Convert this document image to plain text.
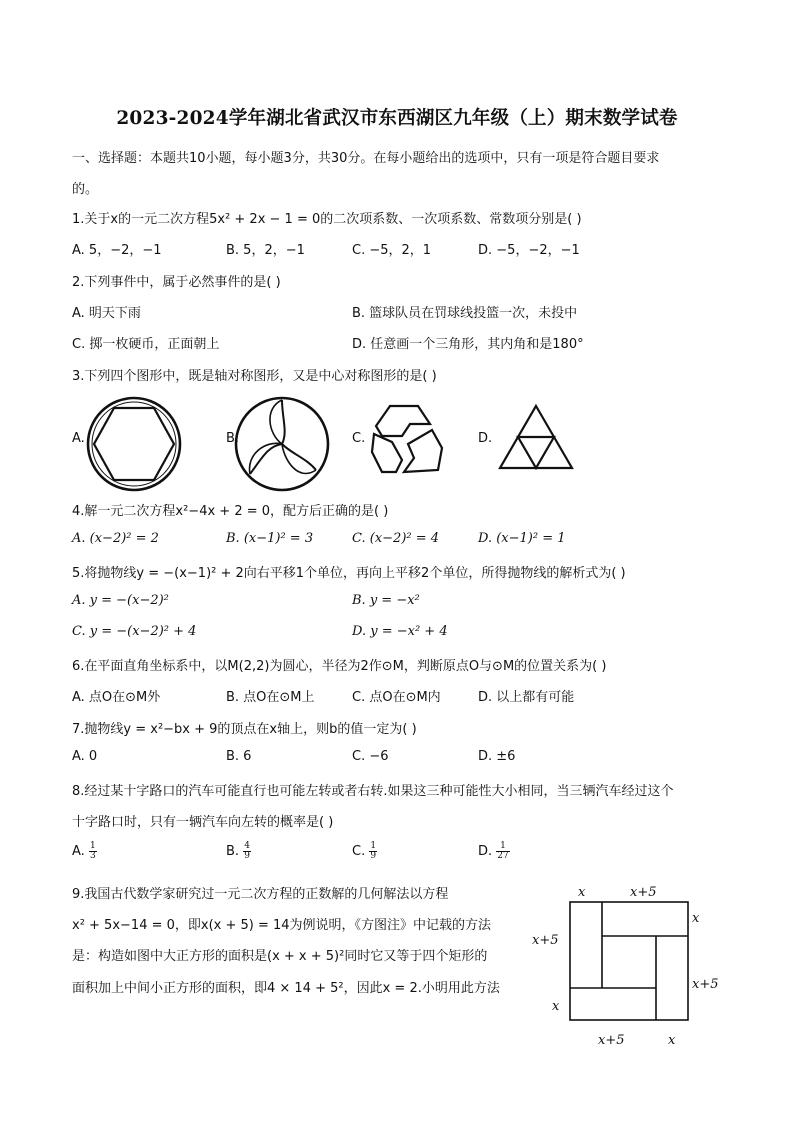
2023-2024学年湖北省武汉市东西湖区九年级（上）期末数学试卷
一、选择题：本题共10小题，每小题3分，共30分。在每小题给出的选项中，只有一项是符合题目要求
的。
1.关于x的一元二次方程5x² + 2x − 1 = 0的二次项系数、一次项系数、常数项分别是( )
A. 5，−2，−1	B. 5，2，−1	C. −5，2，1	D. −5，−2，−1
2.下列事件中，属于必然事件的是( )
A. 明天下雨	B. 篮球队员在罚球线投篮一次，未投中
C. 掷一枚硬币，正面朝上	D. 任意画一个三角形，其内角和是180°
3.下列四个图形中，既是轴对称图形，又是中心对称图形的是( )
A.	B.	C.	D.
4.解一元二次方程x²−4x + 2 = 0，配方后正确的是( )
A. (x−2)² = 2	B. (x−1)² = 3	C. (x−2)² = 4	D. (x−1)² = 1
5.将抛物线y = −(x−1)² + 2向右平移1个单位，再向上平移2个单位，所得抛物线的解析式为( )
A. y = −(x−2)²	B. y = −x²
C. y = −(x−2)² + 4	D. y = −x² + 4
6.在平面直角坐标系中，以M(2,2)为圆心，半径为2作⊙M，判断原点O与⊙M的位置关系为( )
A. 点O在⊙M外	B. 点O在⊙M上	C. 点O在⊙M内	D. 以上都有可能
7.抛物线y = x²−bx + 9的顶点在x轴上，则b的值一定为( )
A. 0	B. 6	C. −6	D. ±6
8.经过某十字路口的汽车可能直行也可能左转或者右转.如果这三种可能性大小相同，当三辆汽车经过这个
十字路口时，只有一辆汽车向左转的概率是( )
A. $\frac{1}{3}$	B. $\frac{4}{9}$	C. $\frac{1}{9}$	D. $\frac{1}{27}$
9.我国古代数学家研究过一元二次方程的正数解的几何解法以方程
x² + 5x−14 = 0，即x(x + 5) = 14为例说明，《方图注》中记载的方法
是：构造如图中大正方形的面积是(x + x + 5)²同时它又等于四个矩形的
面积加上中间小正方形的面积，即4 × 14 + 5²，因此x = 2.小明用此方法
x	x+5
x
x+5
x+5
x
x+5	x
